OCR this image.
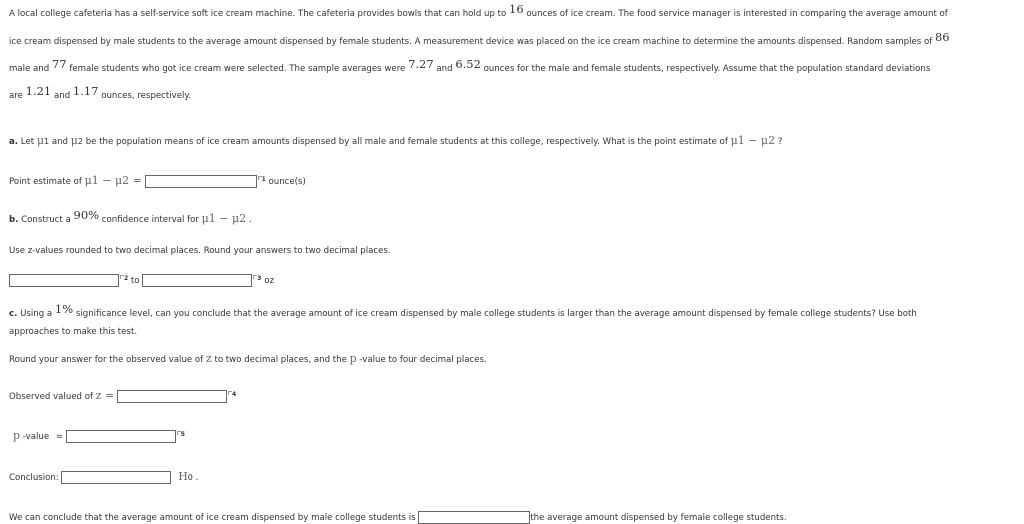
A local college cafeteria has a self-service soft ice cream machine. The cafeteria provides bowls that can hold up to 16 ounces of ice cream. The food service manager is interested in comparing the average amount of
ice cream dispensed by male students to the average amount dispensed by female students. A measurement device was placed on the ice cream machine to determine the amounts dispensed. Random samples of 86
male and 77 female students who got ice cream were selected. The sample averages were 7.27 and 6.52 ounces for the male and female students, respectively. Assume that the population standard deviations
are 1.21 and 1.17 ounces, respectively.
a. Let μ1 and μ2 be the population means of ice cream amounts dispensed by all male and female students at this college, respectively. What is the point estimate of μ1 − μ2 ?
Point estimate of μ1 − μ2 =	$^1$ ounce(s)
b. Construct a 90% confidence interval for μ1 − μ2 .
Use z-values rounded to two decimal places. Round your answers to two decimal places.
$^2$ to	$^3$ oz
c. Using a 1% significance level, can you conclude that the average amount of ice cream dispensed by male college students is larger than the average amount dispensed by female college students? Use both
approaches to make this test.
Round your answer for the observed value of z to two decimal places, and the p -value to four decimal places.
Observed valued of z =	$^4$
p -value =	$^5$
Conclusion:	H0 .
We can conclude that the average amount of ice cream dispensed by male college students is	the average amount dispensed by female college students.
